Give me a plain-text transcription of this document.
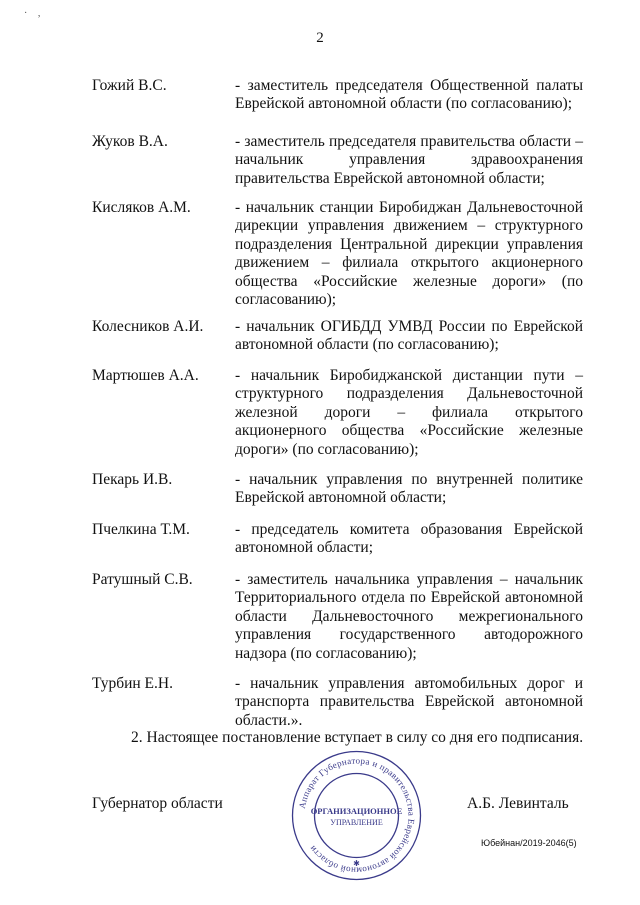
· ,
2
Гожий В.С.	- заместитель председателя Общественной палаты Еврейской автономной области (по согласованию);
Жуков В.А.	- заместитель председателя правительства области – начальник управления здравоохранения правительства Еврейской автономной области;
Кисляков А.М.	- начальник станции Биробиджан Дальневосточной дирекции управления движением – структурного подразделения Центральной дирекции управления движением – филиала открытого акционерного общества «Российские железные дороги» (по согласованию);
Колесников А.И. - начальник ОГИБДД УМВД России по Еврейской автономной области (по согласованию);
Мартюшев А.А. - начальник Биробиджанской дистанции пути – структурного подразделения Дальневосточной железной дороги – филиала открытого акционерного общества «Российские железные дороги» (по согласованию);
Пекарь И.В.	- начальник управления по внутренней политике Еврейской автономной области;
Пчелкина Т.М.	- председатель комитета образования Еврейской автономной области;
Ратушный С.В.	- заместитель начальника управления – начальник Территориального отдела по Еврейской автономной области Дальневосточного межрегионального управления государственного автодорожного надзора (по согласованию);
Турбин Е.Н.	- начальник управления автомобильных дорог и транспорта правительства Еврейской автономной области.».
2. Настоящее постановление вступает в силу со дня его подписания.
Губернатор области	А.Б. Левинталь
Аппарат Губернатора и правительства Еврейской автономной области
ОРГАНИЗАЦИОННОЕ
УПРАВЛЕНИЕ
✱
Юбейнан/2019-2046(5)
